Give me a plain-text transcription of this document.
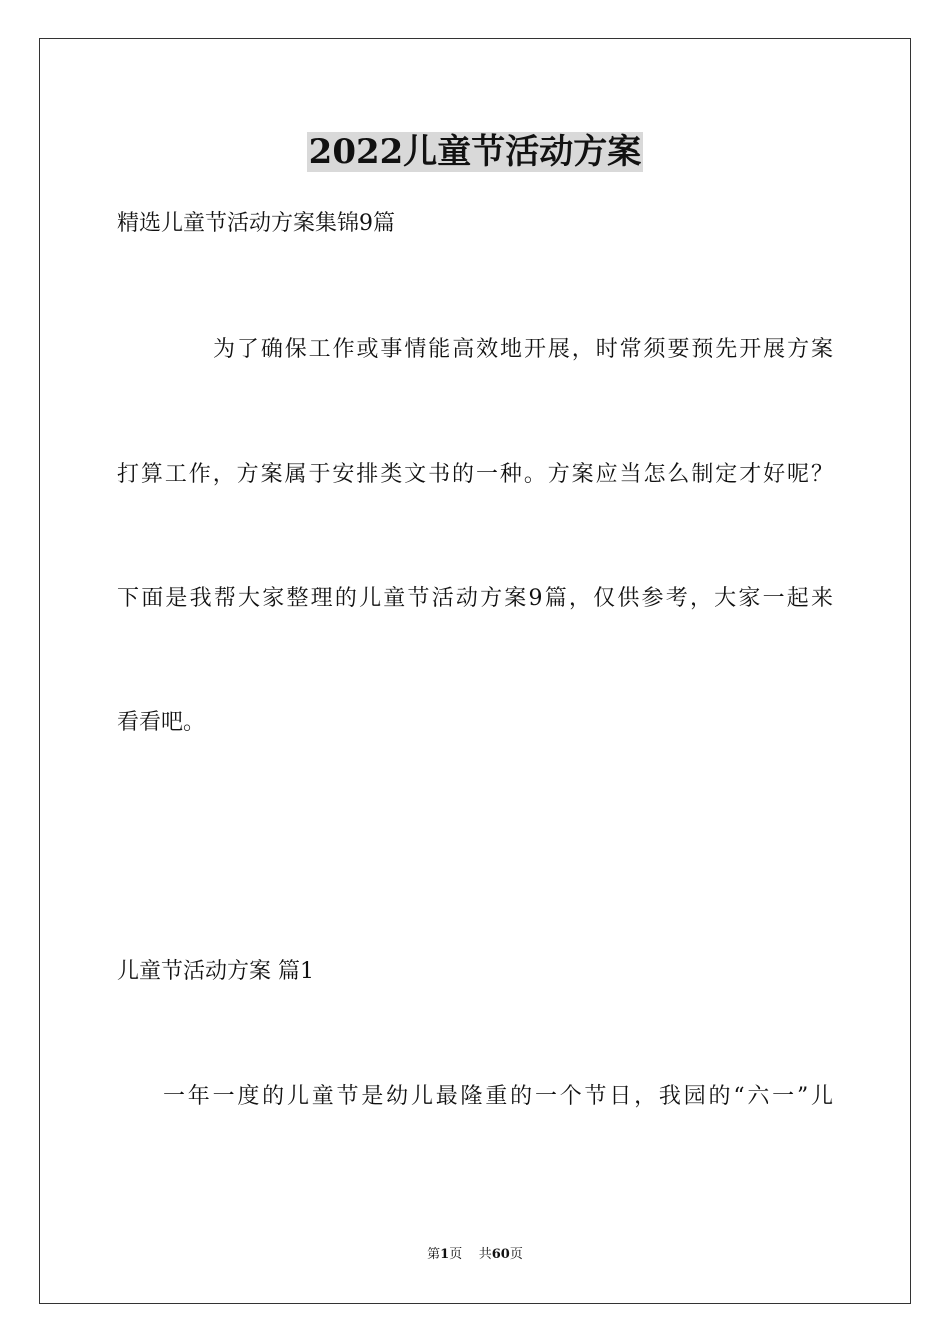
2022儿童节活动方案
精选儿童节活动方案集锦9篇
为了确保工作或事情能高效地开展，时常须要预先开展方案
打算工作，方案属于安排类文书的一种。方案应当怎么制定才好呢？
下面是我帮大家整理的儿童节活动方案9篇，仅供参考，大家一起来
看看吧。
儿童节活动方案 篇1
一年一度的儿童节是幼儿最隆重的一个节日，我园的“六一”儿
第1页 共60页
